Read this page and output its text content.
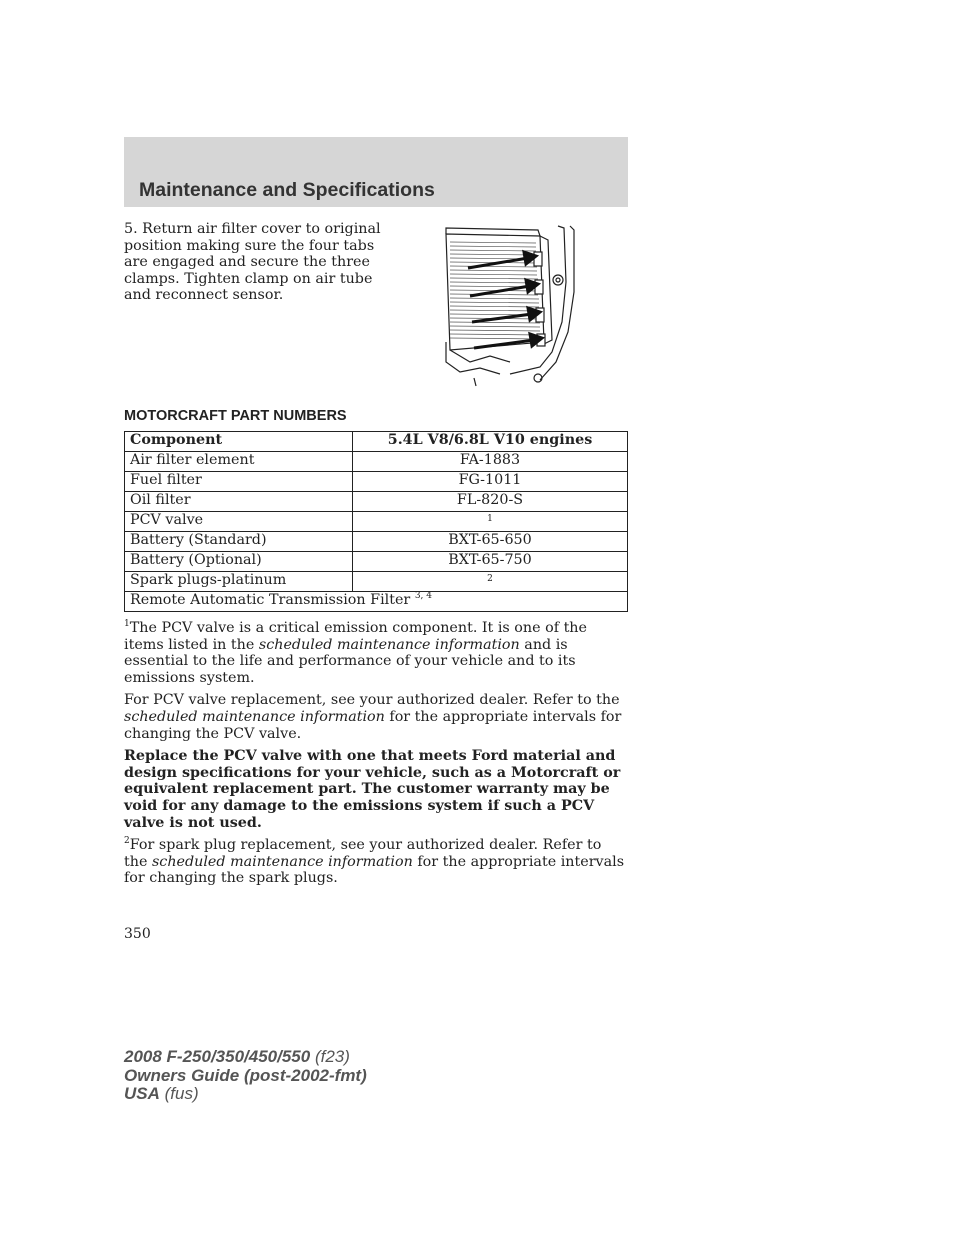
Maintenance and Specifications
5. Return air filter cover to original position making sure the four tabs are engaged and secure the three clamps. Tighten clamp on air tube and reconnect sensor.
MOTORCRAFT PART NUMBERS
Component	5.4L V8/6.8L V10 engines
Air filter element	FA-1883
Fuel filter	FG-1011
Oil filter	FL-820-S
PCV valve	$^1$
Battery (Standard)	BXT-65-650
Battery (Optional)	BXT-65-750
Spark plugs-platinum	$^2$
Remote Automatic Transmission Filter $^{3, 4}$

$^1$The PCV valve is a critical emission component. It is one of the items listed in the scheduled maintenance information and is essential to the life and performance of your vehicle and to its emissions system.

For PCV valve replacement, see your authorized dealer. Refer to the scheduled maintenance information for the appropriate intervals for changing the PCV valve.

Replace the PCV valve with one that meets Ford material and design specifications for your vehicle, such as a Motorcraft or equivalent replacement part. The customer warranty may be void for any damage to the emissions system if such a PCV valve is not used.

$^2$For spark plug replacement, see your authorized dealer. Refer to the scheduled maintenance information for the appropriate intervals for changing the spark plugs.

350
2008 F-250/350/450/550 (f23)
Owners Guide (post-2002-fmt)
USA (fus)
